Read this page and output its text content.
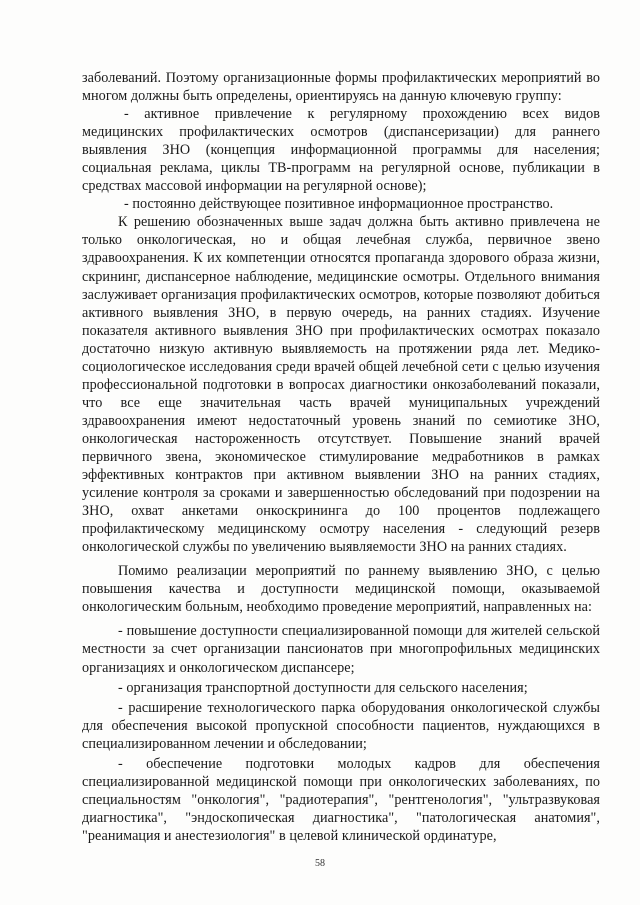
заболеваний. Поэтому организационные формы профилактических мероприятий во многом должны быть определены, ориентируясь на данную ключевую группу:

- активное привлечение к регулярному прохождению всех видов медицинских профилактических осмотров (диспансеризации) для раннего выявления ЗНО (концепция информационной программы для населения; социальная реклама, циклы ТВ-программ на регулярной основе, публикации в средствах массовой информации на регулярной основе);

- постоянно действующее позитивное информационное пространство.

К решению обозначенных выше задач должна быть активно привлечена не только онкологическая, но и общая лечебная служба, первичное звено здравоохранения. К их компетенции относятся пропаганда здорового образа жизни, скрининг, диспансерное наблюдение, медицинские осмотры. Отдельного внимания заслуживает организация профилактических осмотров, которые позволяют добиться активного выявления ЗНО, в первую очередь, на ранних стадиях. Изучение показателя активного выявления ЗНО при профилактических осмотрах показало достаточно низкую активную выявляемость на протяжении ряда лет. Медико-социологическое исследования среди врачей общей лечебной сети с целью изучения профессиональной подготовки в вопросах диагностики онкозаболеваний показали, что все еще значительная часть врачей муниципальных учреждений здравоохранения имеют недостаточный уровень знаний по семиотике ЗНО, онкологическая настороженность отсутствует. Повышение знаний врачей первичного звена, экономическое стимулирование медработников в рамках эффективных контрактов при активном выявлении ЗНО на ранних стадиях, усиление контроля за сроками и завершенностью обследований при подозрении на ЗНО, охват анкетами онкоскрининга до 100 процентов подлежащего профилактическому медицинскому осмотру населения - следующий резерв онкологической службы по увеличению выявляемости ЗНО на ранних стадиях.

Помимо реализации мероприятий по раннему выявлению ЗНО, с целью повышения качества и доступности медицинской помощи, оказываемой онкологическим больным, необходимо проведение мероприятий, направленных на:

- повышение доступности специализированной помощи для жителей сельской местности за счет организации пансионатов при многопрофильных медицинских организациях и онкологическом диспансере;

- организация транспортной доступности для сельского населения;

- расширение технологического парка оборудования онкологической службы для обеспечения высокой пропускной способности пациентов, нуждающихся в специализированном лечении и обследовании;

- обеспечение подготовки молодых кадров для обеспечения специализированной медицинской помощи при онкологических заболеваниях, по специальностям "онкология", "радиотерапия", "рентгенология", "ультразвуковая диагностика", "эндоскопическая диагностика", "патологическая анатомия", "реанимация и анестезиология" в целевой клинической ординатуре,

58
